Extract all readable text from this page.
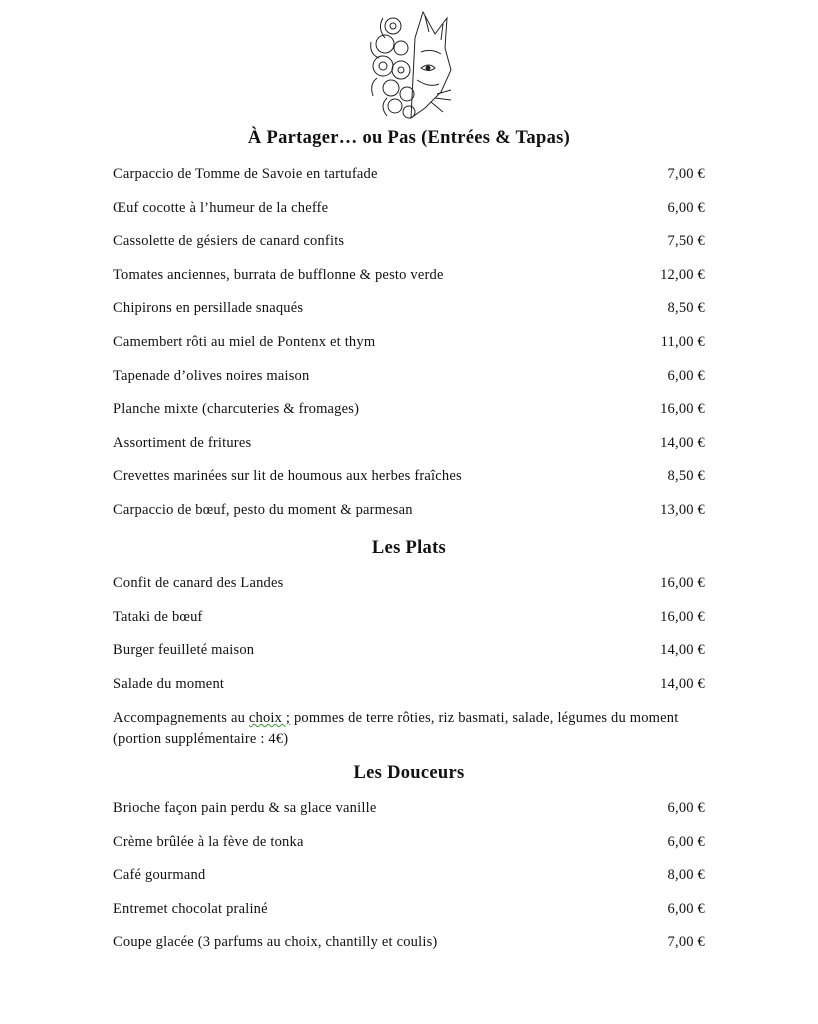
À Partager… ou Pas (Entrées & Tapas)
Carpaccio de Tomme de Savoie en tartufade	7,00 €
Œuf cocotte à l’humeur de la cheffe	6,00 €
Cassolette de gésiers de canard confits	7,50 €
Tomates anciennes, burrata de bufflonne & pesto verde	12,00 €
Chipirons en persillade snaqués	8,50 €
Camembert rôti au miel de Pontenx et thym	11,00 €
Tapenade d’olives noires maison	6,00 €
Planche mixte (charcuteries & fromages)	16,00 €
Assortiment de fritures	14,00 €
Crevettes marinées sur lit de houmous aux herbes fraîches	8,50 €
Carpaccio de bœuf, pesto du moment & parmesan	13,00 €
Les Plats
Confit de canard des Landes	16,00 €
Tataki de bœuf	16,00 €
Burger feuilleté maison	14,00 €
Salade du moment	14,00 €
Accompagnements au choix ; pommes de terre rôties, riz basmati, salade, légumes du moment (portion supplémentaire : 4€)
Les Douceurs
Brioche façon pain perdu & sa glace vanille	6,00 €
Crème brûlée à la fève de tonka	6,00 €
Café gourmand	8,00 €
Entremet chocolat praliné	6,00 €
Coupe glacée (3 parfums au choix, chantilly et coulis)	7,00 €
